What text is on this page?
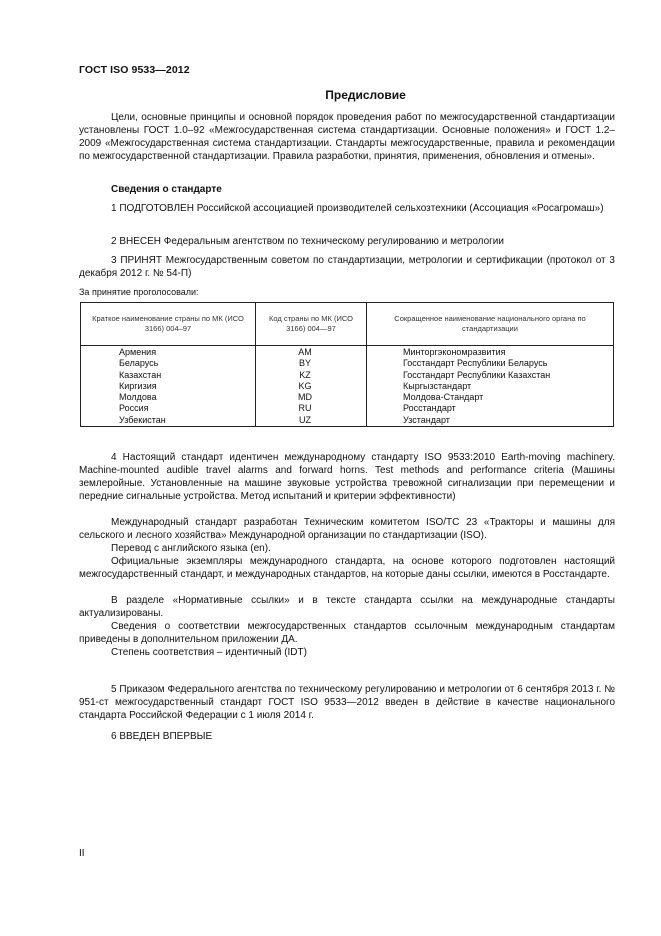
ГОСТ ISO 9533—2012
Предисловие
Цели, основные принципы и основной порядок проведения работ по межгосударственной стандартизации установлены ГОСТ 1.0–92 «Межгосударственная система стандартизации. Основные положения» и ГОСТ 1.2–2009 «Межгосударственная система стандартизации. Стандарты межгосударственные, правила и рекомендации по межгосударственной стандартизации. Правила разработки, принятия, применения, обновления и отмены».
Сведения о стандарте
1 ПОДГОТОВЛЕН Российской ассоциацией производителей сельхозтехники (Ассоциация «Росагромаш»)
2 ВНЕСЕН Федеральным агентством по техническому регулированию и метрологии
3 ПРИНЯТ Межгосударственным советом по стандартизации, метрологии и сертификации (протокол от 3 декабря 2012 г. № 54-П)
За принятие проголосовали:
Краткое наименование страны по МК (ИСО 3166) 004–97	Код страны по МК (ИСО 3166) 004—97	Сокращенное наименование национального органа по стандартизации
Армения	AM	Минторгэкономразвития
Беларусь	BY	Госстандарт Республики Беларусь
Казахстан	KZ	Госстандарт Республики Казахстан
Киргизия	KG	Кыргызстандарт
Молдова	MD	Молдова-Стандарт
Россия	RU	Росстандарт
Узбекистан	UZ	Узстандарт
4 Настоящий стандарт идентичен международному стандарту ISO 9533:2010 Earth-moving machinery. Machine-mounted audible travel alarms and forward horns. Test methods and performance criteria (Машины землеройные. Установленные на машине звуковые устройства тревожной сигнализации при перемещении и передние сигнальные устройства. Метод испытаний и критерии эффективности)
Международный стандарт разработан Техническим комитетом ISO/TC 23 «Тракторы и машины для сельского и лесного хозяйства» Международной организации по стандартизации (ISO).
Перевод с английского языка (en).
Официальные экземпляры международного стандарта, на основе которого подготовлен настоящий межгосударственный стандарт, и международных стандартов, на которые даны ссылки, имеются в Росстандарте.
В разделе «Нормативные ссылки» и в тексте стандарта ссылки на международные стандарты актуализированы.
Сведения о соответствии межгосударственных стандартов ссылочным международным стандартам приведены в дополнительном приложении ДА.
Степень соответствия – идентичный (IDT)
5 Приказом Федерального агентства по техническому регулированию и метрологии от 6 сентября 2013 г. № 951-ст межгосударственный стандарт ГОСТ ISO 9533—2012 введен в действие в качестве национального стандарта Российской Федерации с 1 июля 2014 г.
6 ВВЕДЕН ВПЕРВЫЕ
II
